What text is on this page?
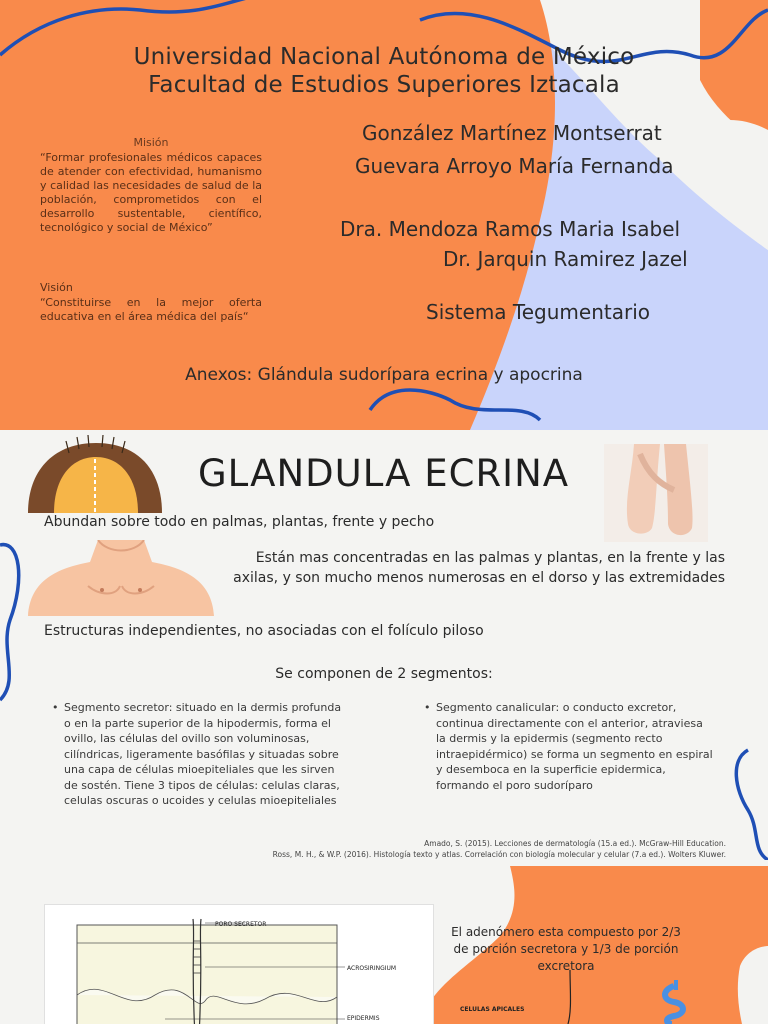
Universidad Nacional Autónoma de México
Facultad de Estudios Superiores Iztacala
Misión
“Formar profesionales médicos capaces de atender con efectividad, humanismo y calidad las necesidades de salud de la población, comprometidos con el desarrollo sustentable, científico, tecnológico y social de México”
Visión
“Constituirse en la mejor oferta educativa en el área médica del país“
González Martínez Montserrat
Guevara Arroyo María Fernanda
Dra. Mendoza Ramos Maria Isabel
Dr. Jarquin Ramirez Jazel
Sistema Tegumentario
Anexos: Glándula sudorípara ecrina y apocrina
GLANDULA ECRINA
Abundan sobre todo en palmas, plantas, frente y pecho
Están mas concentradas en las palmas y plantas, en la frente y las axilas, y son mucho menos numerosas en el dorso y las extremidades
Estructuras independientes, no asociadas con el folículo piloso
Se componen de 2 segmentos:
• Segmento secretor: situado en la dermis profunda o en la parte superior de la hipodermis, forma el ovillo, las células del ovillo son voluminosas, cilíndricas, ligeramente basófilas y situadas sobre una capa de células mioepiteliales que les sirven de sostén. Tiene 3 tipos de células: celulas claras, celulas oscuras o ucoides y celulas mioepiteliales
• Segmento canalicular: o conducto excretor, continua directamente con el anterior, atraviesa la dermis y la epidermis (segmento recto intraepidérmico) se forma un segmento en espiral y desemboca en la superficie epidermica, formando el poro sudoríparo
Amado, S. (2015). Lecciones de dermatología (15.a ed.). McGraw-Hill Education.
Ross, M. H., & W.P. (2016). Histología texto y atlas. Correlación con biología molecular y celular (7.a ed.). Wolters Kluwer.
PORO SECRETOR
ACROSIRINGIUM
EPIDERMIS
El adenómero esta compuesto por 2/3 de porción secretora y 1/3 de porción excretora
CELULAS APICALES
